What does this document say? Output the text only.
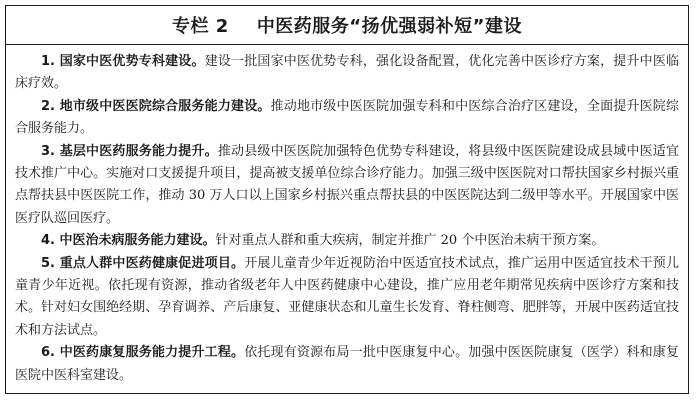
专栏 2 中医药服务“扬优强弱补短”建设

1. 国家中医优势专科建设。建设一批国家中医优势专科，强化设备配置，优化完善中医诊疗方案，提升中医临床疗效。

2. 地市级中医医院综合服务能力建设。推动地市级中医医院加强专科和中医综合治疗区建设，全面提升医院综合服务能力。

3. 基层中医药服务能力提升。推动县级中医医院加强特色优势专科建设，将县级中医医院建设成县域中医适宜技术推广中心。实施对口支援提升项目，提高被支援单位综合诊疗能力。加强三级中医医院对口帮扶国家乡村振兴重点帮扶县中医医院工作，推动 30 万人口以上国家乡村振兴重点帮扶县的中医医院达到二级甲等水平。开展国家中医医疗队巡回医疗。

4. 中医治未病服务能力建设。针对重点人群和重大疾病，制定并推广 20 个中医治未病干预方案。

5. 重点人群中医药健康促进项目。开展儿童青少年近视防治中医适宜技术试点，推广运用中医适宜技术干预儿童青少年近视。依托现有资源，推动省级老年人中医药健康中心建设，推广应用老年期常见疾病中医诊疗方案和技术。针对妇女围绝经期、孕育调养、产后康复、亚健康状态和儿童生长发育、脊柱侧弯、肥胖等，开展中医药适宜技术和方法试点。

6. 中医药康复服务能力提升工程。依托现有资源布局一批中医康复中心。加强中医医院康复（医学）科和康复医院中医科室建设。
